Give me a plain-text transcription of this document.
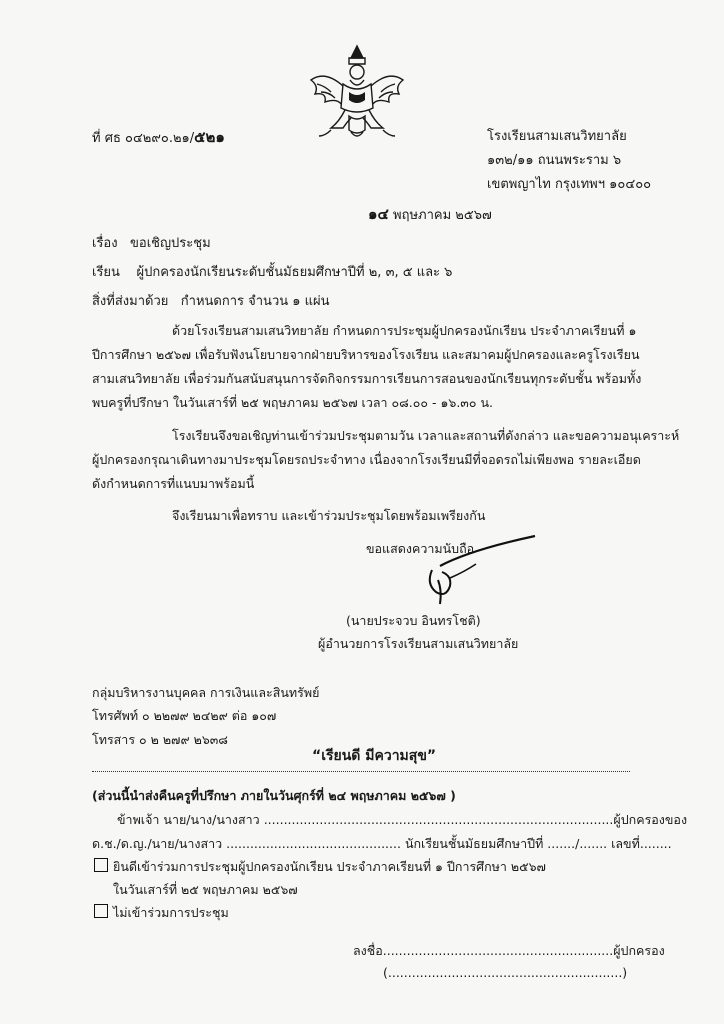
ที่ ศธ ๐๔๒๙๐.๒๑/๕๒๑	โรงเรียนสามเสนวิทยาลัย
๑๓๒/๑๑ ถนนพระราม ๖
เขตพญาไท กรุงเทพฯ ๑๐๔๐๐
๑๔ พฤษภาคม ๒๕๖๗
เรื่อง ขอเชิญประชุม
เรียน ผู้ปกครองนักเรียนระดับชั้นมัธยมศึกษาปีที่ ๒, ๓, ๕ และ ๖
สิ่งที่ส่งมาด้วย กำหนดการ จำนวน ๑ แผ่น
ด้วยโรงเรียนสามเสนวิทยาลัย กำหนดการประชุมผู้ปกครองนักเรียน ประจำภาคเรียนที่ ๑
ปีการศึกษา ๒๕๖๗ เพื่อรับฟังนโยบายจากฝ่ายบริหารของโรงเรียน และสมาคมผู้ปกครองและครูโรงเรียน
สามเสนวิทยาลัย เพื่อร่วมกันสนับสนุนการจัดกิจกรรมการเรียนการสอนของนักเรียนทุกระดับชั้น พร้อมทั้ง
พบครูที่ปรึกษา ในวันเสาร์ที่ ๒๕ พฤษภาคม ๒๕๖๗ เวลา ๐๘.๐๐ - ๑๖.๓๐ น.
โรงเรียนจึงขอเชิญท่านเข้าร่วมประชุมตามวัน เวลาและสถานที่ดังกล่าว และขอความอนุเคราะห์
ผู้ปกครองกรุณาเดินทางมาประชุมโดยรถประจำทาง เนื่องจากโรงเรียนมีที่จอดรถไม่เพียงพอ รายละเอียด
ดังกำหนดการที่แนบมาพร้อมนี้
จึงเรียนมาเพื่อทราบ และเข้าร่วมประชุมโดยพร้อมเพรียงกัน
ขอแสดงความนับถือ
(นายประจวบ อินทรโชติ)
ผู้อำนวยการโรงเรียนสามเสนวิทยาลัย
กลุ่มบริหารงานบุคคล การเงินและสินทรัพย์
โทรศัพท์ ๐ ๒๒๗๙ ๒๔๒๙ ต่อ ๑๐๗
โทรสาร ๐ ๒ ๒๗๙ ๒๖๓๘
“เรียนดี มีความสุข”
(ส่วนนี้นำส่งคืนครูที่ปรึกษา ภายในวันศุกร์ที่ ๒๔ พฤษภาคม ๒๕๖๗ )
ข้าพเจ้า นาย/นาง/นางสาว ........................................................................................ผู้ปกครองของ
ด.ช./ด.ญ./นาย/นางสาว ............................................ นักเรียนชั้นมัธยมศึกษาปีที่ ......./....... เลขที่........
ยินดีเข้าร่วมการประชุมผู้ปกครองนักเรียน ประจำภาคเรียนที่ ๑ ปีการศึกษา ๒๕๖๗
ในวันเสาร์ที่ ๒๕ พฤษภาคม ๒๕๖๗
ไม่เข้าร่วมการประชุม
ลงชื่อ..........................................................ผู้ปกครอง
(...........................................................)
